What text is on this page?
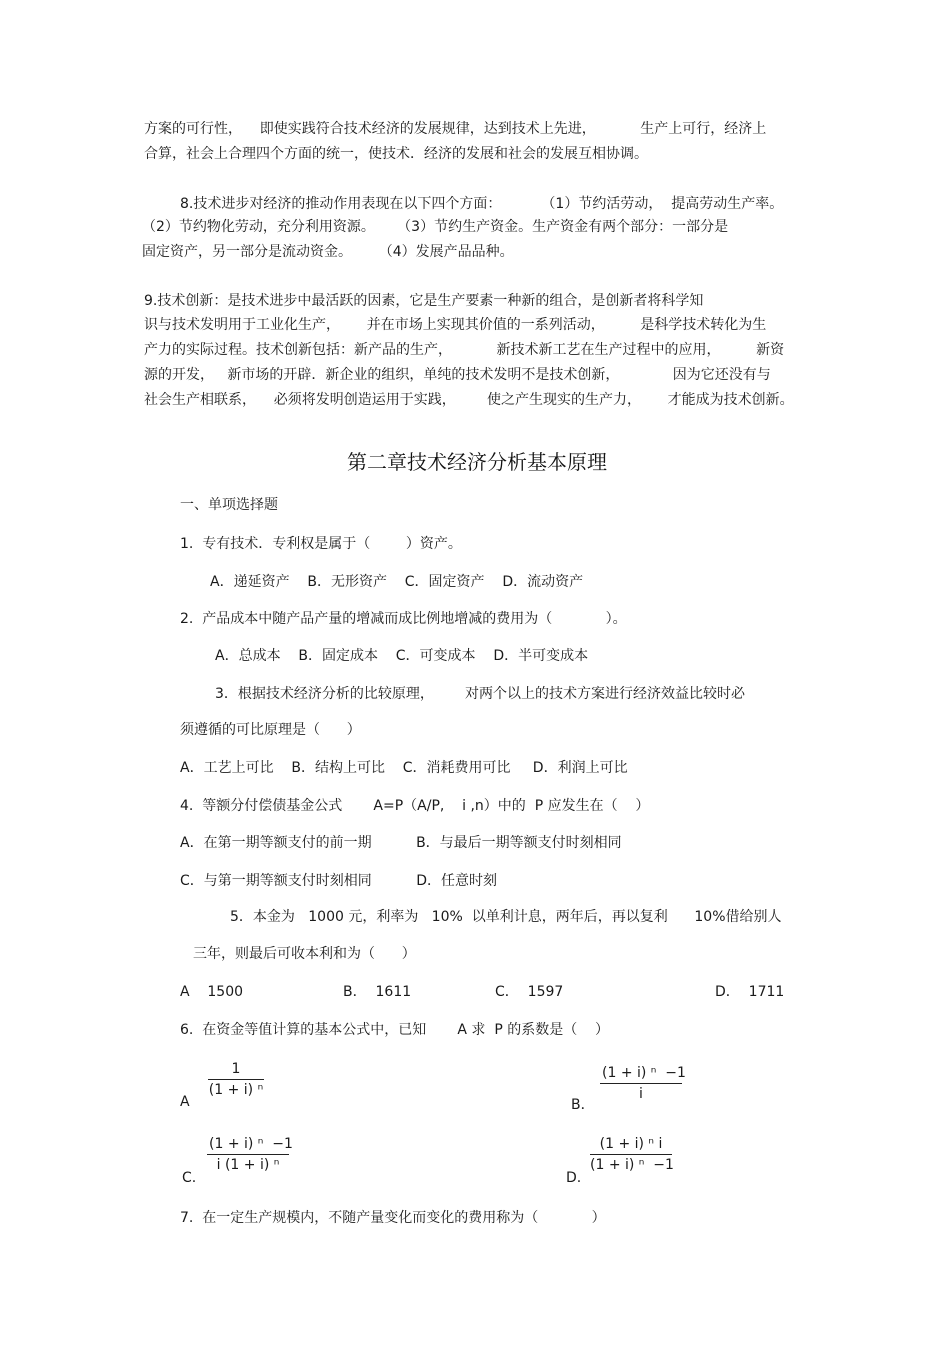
方案的可行性，    即使实践符合技术经济的发展规律，达到技术上先进，          生产上可行，经济上
合算，社会上合理四个方面的统一，使技术．经济的发展和社会的发展互相协调。
8.技术进步对经济的推动作用表现在以下四个方面：         （1）节约活劳动，  提高劳动生产率。
（2）节约物化劳动，充分利用资源。     （3）节约生产资金。生产资金有两个部分：一部分是
固定资产，另一部分是流动资金。      （4）发展产品品种。
9.技术创新：是技术进步中最活跃的因素，它是生产要素一种新的组合，是创新者将科学知
识与技术发明用于工业化生产，      并在市场上实现其价值的一系列活动，        是科学技术转化为生
产力的实际过程。技术创新包括：新产品的生产，          新技术新工艺在生产过程中的应用，        新资
源的开发，   新市场的开辟．新企业的组织，单纯的技术发明不是技术创新，            因为它还没有与
社会生产相联系，    必须将发明创造运用于实践，       使之产生现实的生产力，      才能成为技术创新。
第二章技术经济分析基本原理
一、单项选择题
1.  专有技术．专利权是属于（        ）资产。
A．递延资产    B．无形资产    C．固定资产    D．流动资产
2.  产品成本中随产品产量的增减而成比例地增减的费用为（            ）。
A．总成本    B．固定成本    C．可变成本    D．半可变成本
3．根据技术经济分析的比较原理，       对两个以上的技术方案进行经济效益比较时必
须遵循的可比原理是（      ）
A．工艺上可比    B．结构上可比    C．消耗费用可比     D．利润上可比
4.  等额分付偿债基金公式       A=P（A/P,    i ,n）中的  P 应发生在（    ）
A．在第一期等额支付的前一期          B．与最后一期等额支付时刻相同
C．与第一期等额支付时刻相同          D．任意时刻
5．本金为   1000 元，利率为   10%  以单利计息，两年后，再以复利      10%借给别人
三年，则最后可收本利和为（      ）
A    1500	B．  1611	C．  1597	D．  1711
6.  在资金等值计算的基本公式中，已知       A 求  P 的系数是（    ）
A
$\frac{1}{\text{(1 + i) ⁿ}}$
B．
$\frac{\text{(1 + i) ⁿ  −1}}{i}$
C.
$\frac{\text{(1 + i) ⁿ  −1}}{\text{i (1 + i) ⁿ}}$
D.
$\frac{\text{(1 + i) ⁿ i}}{\text{(1 + i) ⁿ  −1}}$
7.  在一定生产规模内，不随产量变化而变化的费用称为（            ）
